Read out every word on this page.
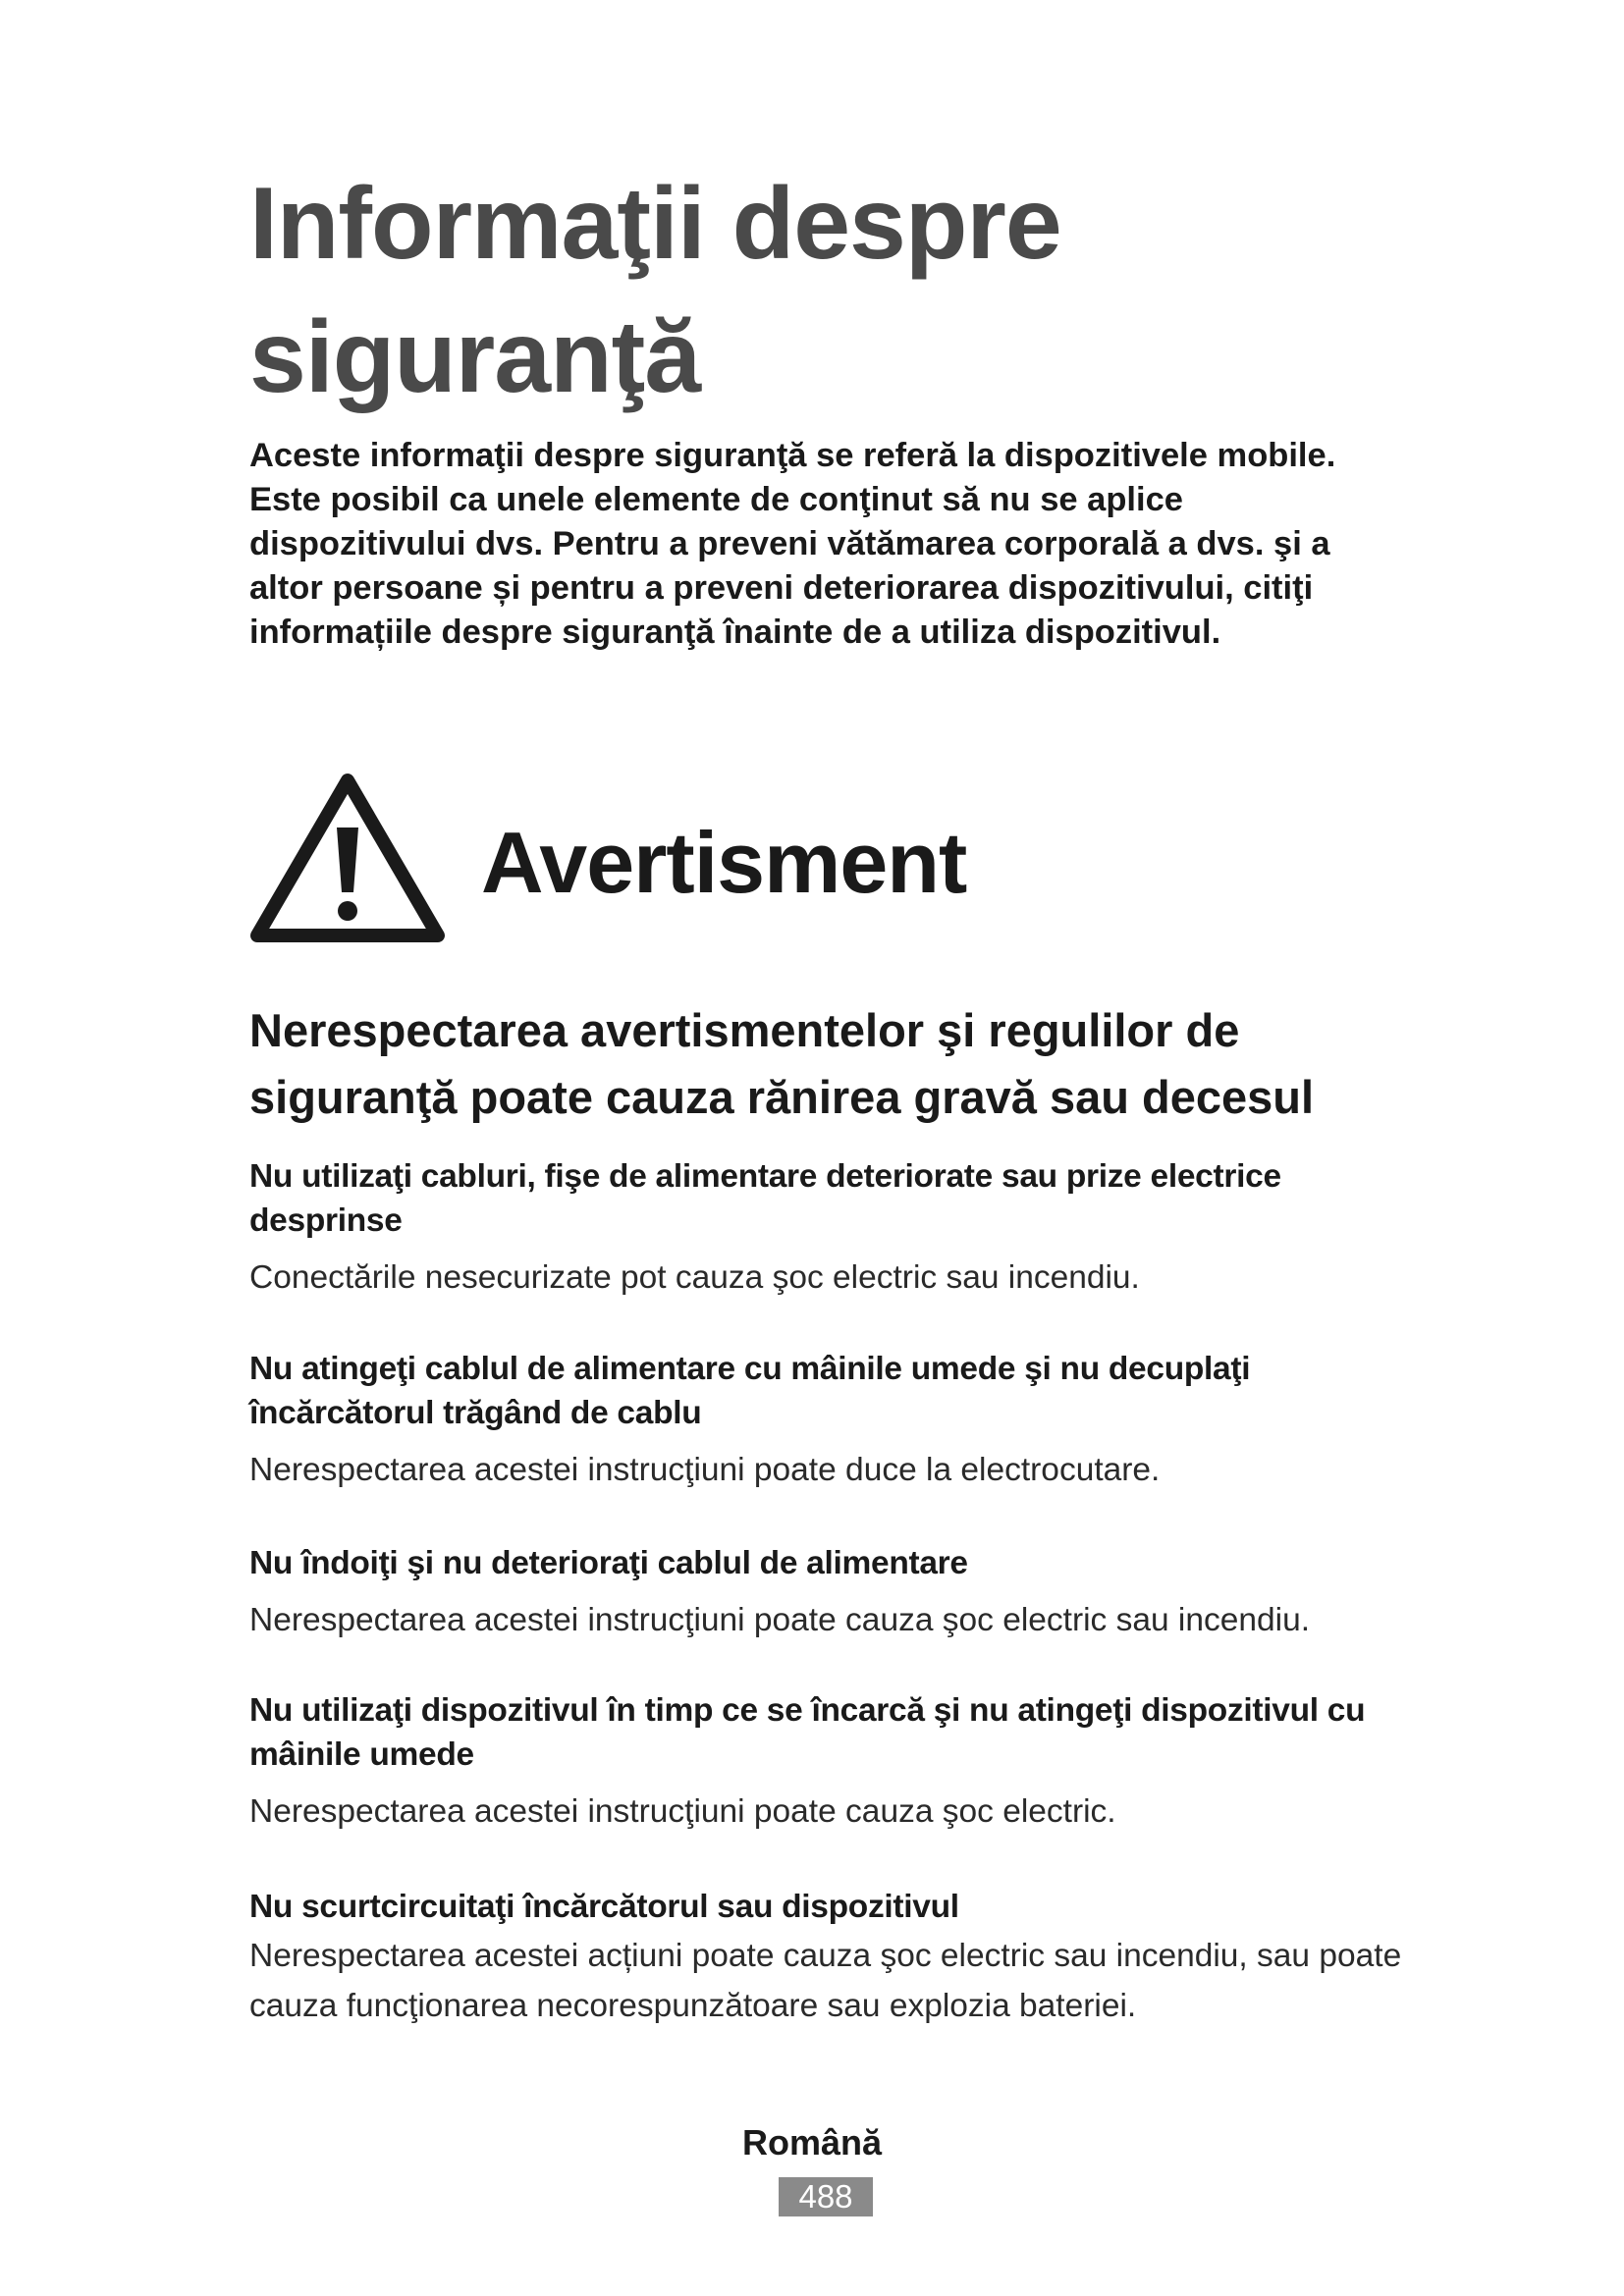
Informaţii despre
siguranţă

Aceste informaţii despre siguranţă se referă la dispozitivele mobile. Este posibil ca unele elemente de conţinut să nu se aplice dispozitivului dvs. Pentru a preveni vătămarea corporală a dvs. şi a altor persoane și pentru a preveni deteriorarea dispozitivului, citiţi informațiile despre siguranţă înainte de a utiliza dispozitivul.

Avertisment
Nerespectarea avertismentelor şi regulilor de siguranţă poate cauza rănirea gravă sau decesul

Nu utilizaţi cabluri, fişe de alimentare deteriorate sau prize electrice desprinse

Conectările nesecurizate pot cauza şoc electric sau incendiu.

Nu atingeţi cablul de alimentare cu mâinile umede şi nu decuplaţi încărcătorul trăgând de cablu

Nerespectarea acestei instrucţiuni poate duce la electrocutare.

Nu îndoiţi şi nu deterioraţi cablul de alimentare

Nerespectarea acestei instrucţiuni poate cauza şoc electric sau incendiu.

Nu utilizaţi dispozitivul în timp ce se încarcă şi nu atingeţi dispozitivul cu mâinile umede

Nerespectarea acestei instrucţiuni poate cauza şoc electric.

Nu scurtcircuitaţi încărcătorul sau dispozitivul

Nerespectarea acestei acțiuni poate cauza şoc electric sau incendiu, sau poate cauza funcţionarea necorespunzătoare sau explozia bateriei.

Română
488
